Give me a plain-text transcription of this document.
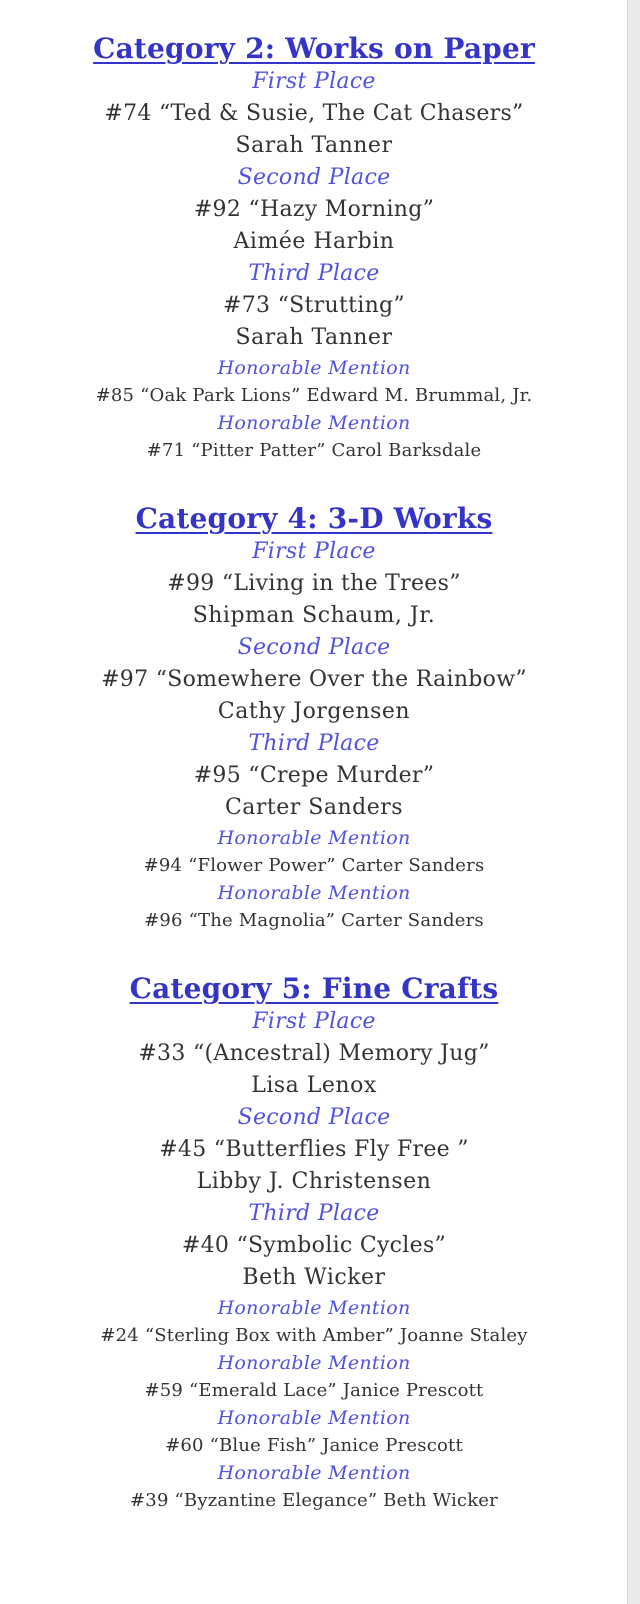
Category 2: Works on Paper
First Place
#74 “Ted & Susie, The Cat Chasers”
Sarah Tanner
Second Place
#92 “Hazy Morning”
Aimée Harbin
Third Place
#73 “Strutting”
Sarah Tanner
Honorable Mention
#85 “Oak Park Lions” Edward M. Brummal, Jr.
Honorable Mention
#71 “Pitter Patter” Carol Barksdale
Category 4: 3-D Works
First Place
#99 “Living in the Trees”
Shipman Schaum, Jr.
Second Place
#97 “Somewhere Over the Rainbow”
Cathy Jorgensen
Third Place
#95 “Crepe Murder”
Carter Sanders
Honorable Mention
#94 “Flower Power” Carter Sanders
Honorable Mention
#96 “The Magnolia” Carter Sanders
Category 5: Fine Crafts
First Place
#33 “(Ancestral) Memory Jug”
Lisa Lenox
Second Place
#45 “Butterflies Fly Free ”
Libby J. Christensen
Third Place
#40 “Symbolic Cycles”
Beth Wicker
Honorable Mention
#24 “Sterling Box with Amber” Joanne Staley
Honorable Mention
#59 “Emerald Lace” Janice Prescott
Honorable Mention
#60 “Blue Fish” Janice Prescott
Honorable Mention
#39 “Byzantine Elegance” Beth Wicker
